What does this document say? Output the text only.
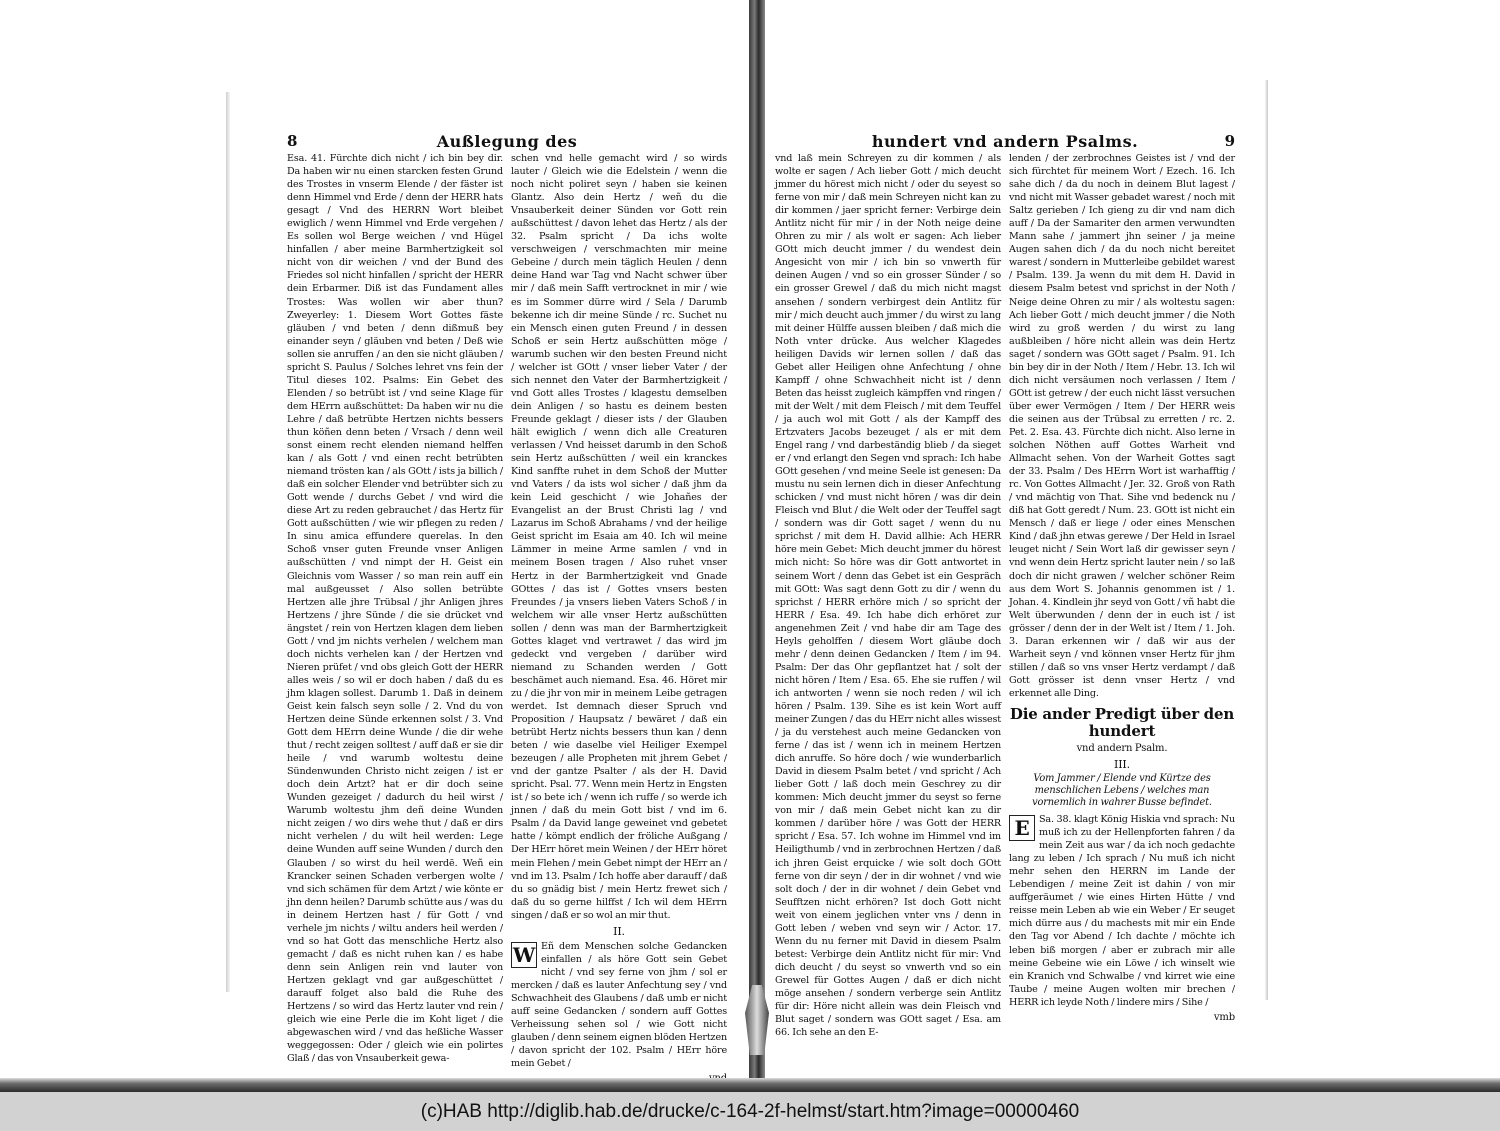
8	Außlegung des

Esa. 41. Fürchte dich nicht / ich bin bey dir. Da haben wir nu einen starcken festen Grund des Trostes in vnserm Elende / der fäster ist denn Himmel vnd Erde / denn der HERR hats gesagt / Vnd des HERRN Wort bleibet ewiglich / wenn Himmel vnd Erde vergehen / Es sollen wol Berge weichen / vnd Hügel hinfallen / aber meine Barmhertzigkeit sol nicht von dir weichen / vnd der Bund des Friedes sol nicht hinfallen / spricht der HERR dein Erbarmer. Diß ist das Fundament alles Trostes: Was wollen wir aber thun? Zweyerley: 1. Diesem Wort Gottes fäste gläuben / vnd beten / denn dißmuß bey einander seyn / gläuben vnd beten / Deß wie sollen sie anruffen / an den sie nicht gläuben / spricht S. Paulus / Solches lehret vns fein der Titul dieses 102. Psalms: Ein Gebet des Elenden / so betrübt ist / vnd seine Klage für dem HErrn außschüttet: Da haben wir nu die Lehre / daß betrübte Hertzen nichts bessers thun köñen denn beten / Vrsach / denn weil sonst einem recht elenden niemand helffen kan / als Gott / vnd einen recht betrübten niemand trösten kan / als GOtt / ists ja billich / daß ein solcher Elender vnd betrübter sich zu Gott wende / durchs Gebet / vnd wird die diese Art zu reden gebrauchet / das Hertz für Gott außschütten / wie wir pflegen zu reden / In sinu amica effundere querelas. In den Schoß vnser guten Freunde vnser Anligen außschütten / vnd nimpt der H. Geist ein Gleichnis vom Wasser / so man rein auff ein mal außgeusset / Also sollen betrübte Hertzen alle jhre Trübsal / jhr Anligen jhres Hertzens / jhre Sünde / die sie drücket vnd ängstet / rein von Hertzen klagen dem lieben Gott / vnd jm nichts verhelen / welchem man doch nichts verhelen kan / der Hertzen vnd Nieren prüfet / vnd obs gleich Gott der HERR alles weis / so wil er doch haben / daß du es jhm klagen sollest. Darumb 1. Daß in deinem Geist kein falsch seyn solle / 2. Vnd du von Hertzen deine Sünde erkennen solst / 3. Vnd Gott dem HErrn deine Wunde / die dir wehe thut / recht zeigen solltest / auff daß er sie dir heile / vnd warumb woltestu deine Sündenwunden Christo nicht zeigen / ist er doch dein Artzt? hat er dir doch seine Wunden gezeiget / dadurch du heil wirst / Warumb woltestu jhm deñ deine Wunden nicht zeigen / wo dirs wehe thut / daß er dirs nicht verhelen / du wilt heil werden: Lege deine Wunden auff seine Wunden / durch den Glauben / so wirst du heil werdē. Weñ ein Krancker seinen Schaden verbergen wolte / vnd sich schämen für dem Artzt / wie könte er jhn denn heilen? Darumb schütte aus / was du in deinem Hertzen hast / für Gott / vnd verhele jm nichts / wiltu anders heil werden / vnd so hat Gott das menschliche Hertz also gemacht / daß es nicht ruhen kan / es habe denn sein Anligen rein vnd lauter von Hertzen geklagt vnd gar außgeschüttet / darauff folget also bald die Ruhe des Hertzens / so wird das Hertz lauter vnd rein / gleich wie eine Perle die im Koht liget / die abgewaschen wird / vnd das heßliche Wasser weggegossen: Oder / gleich wie ein polirtes Glaß / das von Vnsauberkeit gewa-

schen vnd helle gemacht wird / so wirds lauter / Gleich wie die Edelstein / wenn die noch nicht poliret seyn / haben sie keinen Glantz. Also dein Hertz / weñ du die Vnsauberkeit deiner Sünden vor Gott rein außschüttest / davon lehet das Hertz / als der 32. Psalm spricht / Da ichs wolte verschweigen / verschmachten mir meine Gebeine / durch mein täglich Heulen / denn deine Hand war Tag vnd Nacht schwer über mir / daß mein Safft vertrocknet in mir / wie es im Sommer dürre wird / Sela / Darumb bekenne ich dir meine Sünde / rc. Suchet nu ein Mensch einen guten Freund / in dessen Schoß er sein Hertz außschütten möge / warumb suchen wir den besten Freund nicht / welcher ist GOtt / vnser lieber Vater / der sich nennet den Vater der Barmhertzigkeit / vnd Gott alles Trostes / klagestu demselben dein Anligen / so hastu es deinem besten Freunde geklagt / dieser ists / der Glauben hält ewiglich / wenn dich alle Creaturen verlassen / Vnd heisset darumb in den Schoß sein Hertz außschütten / weil ein kranckes Kind sanffte ruhet in dem Schoß der Mutter vnd Vaters / da ists wol sicher / daß jhm da kein Leid geschicht / wie Johañes der Evangelist an der Brust Christi lag / vnd Lazarus im Schoß Abrahams / vnd der heilige Geist spricht im Esaia am 40. Ich wil meine Lämmer in meine Arme samlen / vnd in meinem Bosen tragen / Also ruhet vnser Hertz in der Barmhertzigkeit vnd Gnade GOttes / das ist / Gottes vnsers besten Freundes / ja vnsers lieben Vaters Schoß / in welchem wir alle vnser Hertz außschütten sollen / denn was man der Barmhertzigkeit Gottes klaget vnd vertrawet / das wird jm gedeckt vnd vergeben / darüber wird niemand zu Schanden werden / Gott beschämet auch niemand. Esa. 46. Höret mir zu / die jhr von mir in meinem Leibe getragen werdet. Ist demnach dieser Spruch vnd Proposition / Haupsatz / bewäret / daß ein betrübt Hertz nichts bessers thun kan / denn beten / wie daselbe viel Heiliger Exempel bezeugen / alle Propheten mit jhrem Gebet / vnd der gantze Psalter / als der H. David spricht. Psal. 77. Wenn mein Hertz in Engsten ist / so bete ich / wenn ich ruffe / so werde ich jnnen / daß du mein Gott bist / vnd im 6. Psalm / da David lange geweinet vnd gebetet hatte / kömpt endlich der fröliche Außgang / Der HErr höret mein Weinen / der HErr höret mein Flehen / mein Gebet nimpt der HErr an / vnd im 13. Psalm / Ich hoffe aber darauff / daß du so gnädig bist / mein Hertz frewet sich / daß du so gerne hilffst / Ich wil dem HErrn singen / daß er so wol an mir thut.

II.

W Eñ dem Menschen solche Gedancken einfallen / als höre Gott sein Gebet nicht / vnd sey ferne von jhm / sol er mercken / daß es lauter Anfechtung sey / vnd Schwachheit des Glaubens / daß umb er nicht auff seine Gedancken / sondern auff Gottes Verheissung sehen sol / wie Gott nicht glauben / denn seinem eignen blöden Hertzen / davon spricht der 102. Psalm / HErr höre mein Gebet /

hundert vnd andern Psalms.	9

vnd laß mein Schreyen zu dir kommen / als wolte er sagen / Ach lieber Gott / mich deucht jmmer du hörest mich nicht / oder du seyest so ferne von mir / daß mein Schreyen nicht kan zu dir kommen / jaer spricht ferner: Verbirge dein Antlitz nicht für mir / in der Noth neige deine Ohren zu mir / als wolt er sagen: Ach lieber GOtt mich deucht jmmer / du wendest dein Angesicht von mir / ich bin so vnwerth für deinen Augen / vnd so ein grosser Sünder / so ein grosser Grewel / daß du mich nicht magst ansehen / sondern verbirgest dein Antlitz für mir / mich deucht auch jmmer / du wirst zu lang mit deiner Hülffe aussen bleiben / daß mich die Noth vnter drücke. Aus welcher Klagedes heiligen Davids wir lernen sollen / daß das Gebet aller Heiligen ohne Anfechtung / ohne Kampff / ohne Schwachheit nicht ist / denn Beten das heisst zugleich kämpffen vnd ringen / mit der Welt / mit dem Fleisch / mit dem Teuffel / ja auch wol mit Gott / als der Kampff des Ertzvaters Jacobs bezeuget / als er mit dem Engel rang / vnd darbeständig blieb / da sieget er / vnd erlangt den Segen vnd sprach: Ich habe GOtt gesehen / vnd meine Seele ist genesen: Da mustu nu sein lernen dich in dieser Anfechtung schicken / vnd must nicht hören / was dir dein Fleisch vnd Blut / die Welt oder der Teuffel sagt / sondern was dir Gott saget / wenn du nu sprichst / mit dem H. David allhie: Ach HERR höre mein Gebet: Mich deucht jmmer du hörest mich nicht: So höre was dir Gott antwortet in seinem Wort / denn das Gebet ist ein Gespräch mit GOtt: Was sagt denn Gott zu dir / wenn du sprichst / HERR erhöre mich / so spricht der HERR / Esa. 49. Ich habe dich erhöret zur angenehmen Zeit / vnd habe dir am Tage des Heyls geholffen / diesem Wort gläube doch mehr / denn deinen Gedancken / Item / im 94. Psalm: Der das Ohr gepflantzet hat / solt der nicht hören / Item / Esa. 65. Ehe sie ruffen / wil ich antworten / wenn sie noch reden / wil ich hören / Psalm. 139. Sihe es ist kein Wort auff meiner Zungen / das du HErr nicht alles wissest / ja du verstehest auch meine Gedancken von ferne / das ist / wenn ich in meinem Hertzen dich anruffe. So höre doch / wie wunderbarlich David in diesem Psalm betet / vnd spricht / Ach lieber Gott / laß doch mein Geschrey zu dir kommen: Mich deucht jmmer du seyst so ferne von mir / daß mein Gebet nicht kan zu dir kommen / darüber höre / was Gott der HERR spricht / Esa. 57. Ich wohne im Himmel vnd im Heiligthumb / vnd in zerbrochnen Hertzen / daß ich jhren Geist erquicke / wie solt doch GOtt ferne von dir seyn / der in dir wohnet / vnd wie solt doch / der in dir wohnet / dein Gebet vnd Seufftzen nicht erhören? Ist doch Gott nicht weit von einem jeglichen vnter vns / denn in Gott leben / weben vnd seyn wir / Actor. 17. Wenn du nu ferner mit David in diesem Psalm betest: Verbirge dein Antlitz nicht für mir: Vnd dich deucht / du seyst so vnwerth vnd so ein Grewel für Gottes Augen / daß er dich nicht möge ansehen / sondern verberge sein Antlitz für dir: Höre nicht allein was dein Fleisch vnd Blut saget / sondern was GOtt saget / Esa. am 66. Ich sehe an den E-

lenden / der zerbrochnes Geistes ist / vnd der sich fürchtet für meinem Wort / Ezech. 16. Ich sahe dich / da du noch in deinem Blut lagest / vnd nicht mit Wasser gebadet warest / noch mit Saltz gerieben / Ich gieng zu dir vnd nam dich auff / Da der Samariter den armen verwundten Mann sahe / jammert jhn seiner / ja meine Augen sahen dich / da du noch nicht bereitet warest / sondern in Mutterleibe gebildet warest / Psalm. 139. Ja wenn du mit dem H. David in diesem Psalm betest vnd sprichst in der Noth / Neige deine Ohren zu mir / als woltestu sagen: Ach lieber Gott / mich deucht jmmer / die Noth wird zu groß werden / du wirst zu lang außbleiben / höre nicht allein was dein Hertz saget / sondern was GOtt saget / Psalm. 91. Ich bin bey dir in der Noth / Item / Hebr. 13. Ich wil dich nicht versäumen noch verlassen / Item / GOtt ist getrew / der euch nicht lässt versuchen über ewer Vermögen / Item / Der HERR weis die seinen aus der Trübsal zu erretten / rc. 2. Pet. 2. Esa. 43. Fürchte dich nicht. Also lerne in solchen Nöthen auff Gottes Warheit vnd Allmacht sehen. Von der Warheit Gottes sagt der 33. Psalm / Des HErrn Wort ist warhafftig / rc. Von Gottes Allmacht / Jer. 32. Groß von Rath / vnd mächtig von That. Sihe vnd bedenck nu / diß hat Gott geredt / Num. 23. GOtt ist nicht ein Mensch / daß er liege / oder eines Menschen Kind / daß jhn etwas gerewe / Der Held in Israel leuget nicht / Sein Wort laß dir gewisser seyn / vnd wenn dein Hertz spricht lauter nein / so laß doch dir nicht grawen / welcher schöner Reim aus dem Wort S. Johannis genommen ist / 1. Johan. 4. Kindlein jhr seyd von Gott / vñ habt die Welt überwunden / denn der in euch ist / ist grösser / denn der in der Welt ist / Item / 1. Joh. 3. Daran erkennen wir / daß wir aus der Warheit seyn / vnd können vnser Hertz für jhm stillen / daß so vns vnser Hertz verdampt / daß Gott grösser ist denn vnser Hertz / vnd erkennet alle Ding.

Die ander Predigt über den hundert
vnd andern Psalm.
III.
Vom Jammer / Elende vnd Kürtze des menschlichen Lebens / welches man vornemlich in wahrer Busse befindet.

E Sa. 38. klagt König Hiskia vnd sprach: Nu muß ich zu der Hellenpforten fahren / da mein Zeit aus war / da ich noch gedachte lang zu leben / Ich sprach / Nu muß ich nicht mehr sehen den HERRN im Lande der Lebendigen / meine Zeit ist dahin / von mir auffgeräumet / wie eines Hirten Hütte / vnd reisse mein Leben ab wie ein Weber / Er seuget mich dürre aus / du machests mit mir ein Ende den Tag vor Abend / Ich dachte / möchte ich leben biß morgen / aber er zubrach mir alle meine Gebeine wie ein Löwe / ich winselt wie ein Kranich vnd Schwalbe / vnd kirret wie eine Taube / meine Augen wolten mir brechen / HERR ich leyde Noth / lindere mirs / Sihe /

vmb
(c)HAB http://diglib.hab.de/drucke/c-164-2f-helmst/start.htm?image=00000460
